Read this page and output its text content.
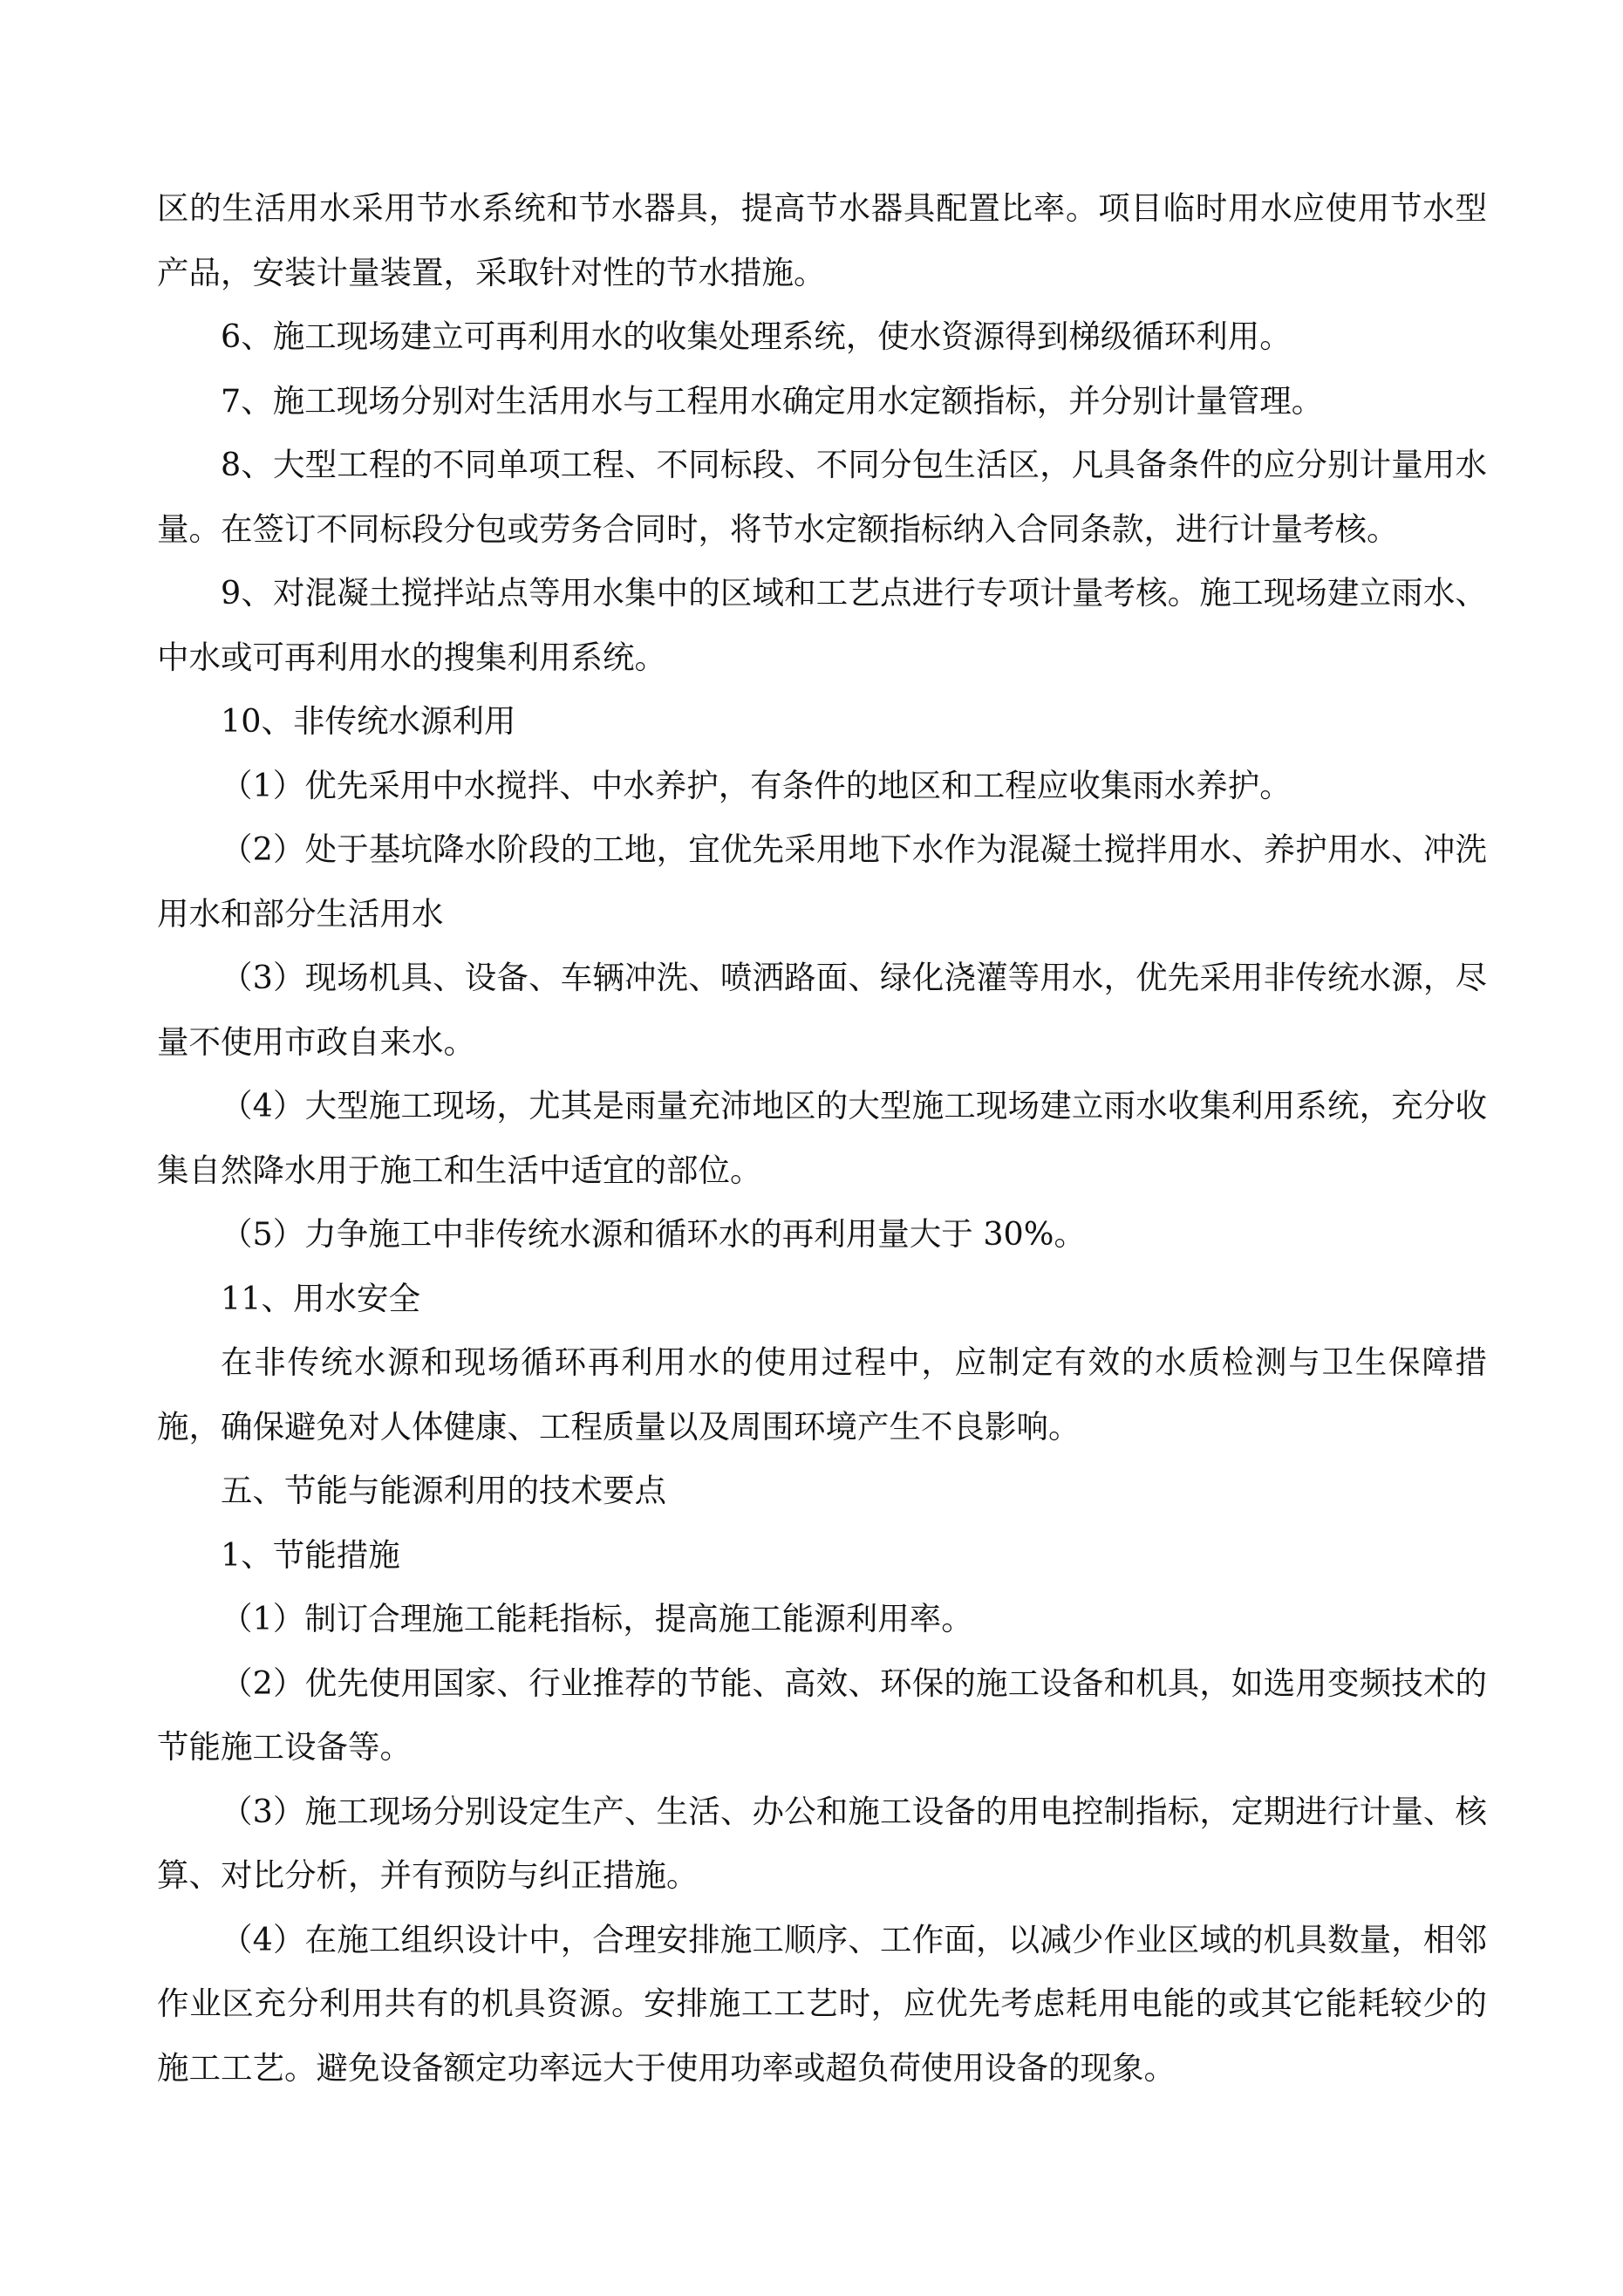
区的生活用水采用节水系统和节水器具，提高节水器具配置比率。项目临时用水应使用节水型产品，安装计量装置，采取针对性的节水措施。

6、施工现场建立可再利用水的收集处理系统，使水资源得到梯级循环利用。

7、施工现场分别对生活用水与工程用水确定用水定额指标，并分别计量管理。

8、大型工程的不同单项工程、不同标段、不同分包生活区，凡具备条件的应分别计量用水量。在签订不同标段分包或劳务合同时，将节水定额指标纳入合同条款，进行计量考核。

9、对混凝土搅拌站点等用水集中的区域和工艺点进行专项计量考核。施工现场建立雨水、中水或可再利用水的搜集利用系统。

10、非传统水源利用

（1）优先采用中水搅拌、中水养护，有条件的地区和工程应收集雨水养护。

（2）处于基坑降水阶段的工地，宜优先采用地下水作为混凝土搅拌用水、养护用水、冲洗用水和部分生活用水

（3）现场机具、设备、车辆冲洗、喷洒路面、绿化浇灌等用水，优先采用非传统水源，尽量不使用市政自来水。

（4）大型施工现场，尤其是雨量充沛地区的大型施工现场建立雨水收集利用系统，充分收集自然降水用于施工和生活中适宜的部位。

（5）力争施工中非传统水源和循环水的再利用量大于 30%。

11、用水安全

在非传统水源和现场循环再利用水的使用过程中，应制定有效的水质检测与卫生保障措施，确保避免对人体健康、工程质量以及周围环境产生不良影响。

五、节能与能源利用的技术要点

1、节能措施

（1）制订合理施工能耗指标，提高施工能源利用率。

（2）优先使用国家、行业推荐的节能、高效、环保的施工设备和机具，如选用变频技术的节能施工设备等。

（3）施工现场分别设定生产、生活、办公和施工设备的用电控制指标，定期进行计量、核算、对比分析，并有预防与纠正措施。

（4）在施工组织设计中，合理安排施工顺序、工作面，以减少作业区域的机具数量，相邻作业区充分利用共有的机具资源。安排施工工艺时，应优先考虑耗用电能的或其它能耗较少的施工工艺。避免设备额定功率远大于使用功率或超负荷使用设备的现象。
